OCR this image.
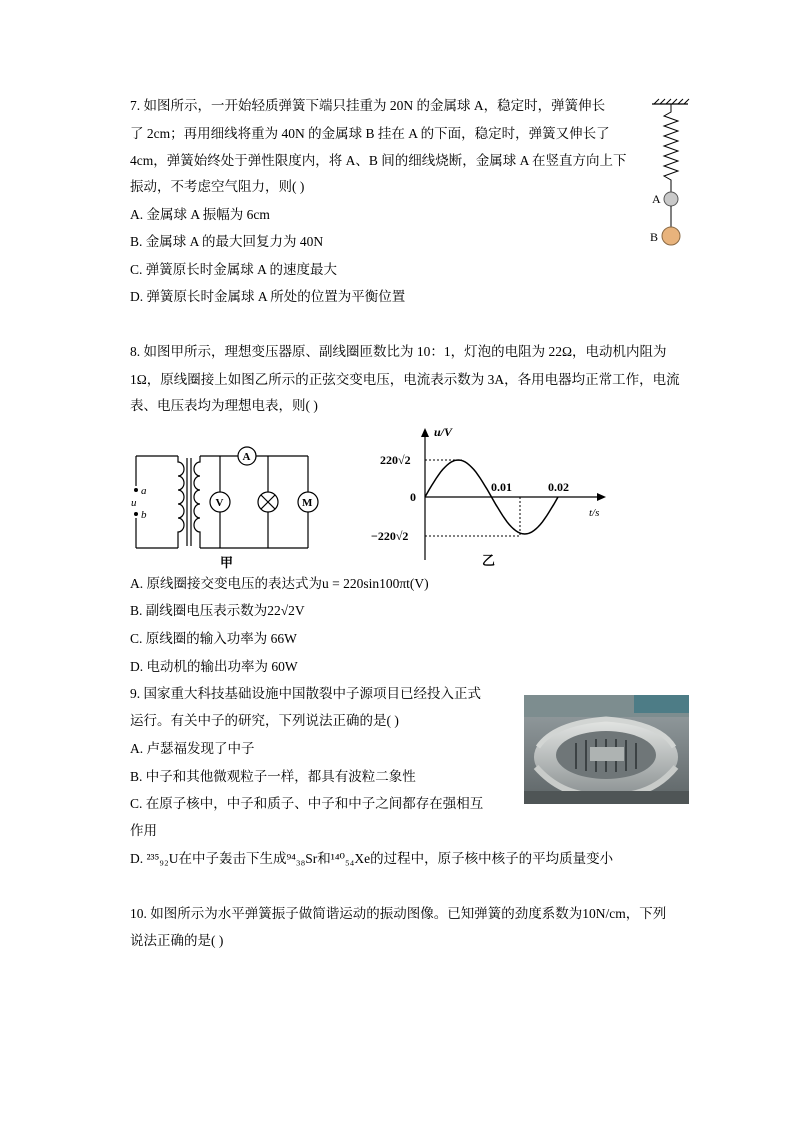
7. 如图所示，一开始轻质弹簧下端只挂重为 20N 的金属球 A，稳定时，弹簧伸长
了 2cm；再用细线将重为 40N 的金属球 B 挂在 A 的下面，稳定时，弹簧又伸长了
4cm，弹簧始终处于弹性限度内，将 A、B 间的细线烧断，金属球 A 在竖直方向上下
振动，不考虑空气阻力，则( )
A. 金属球 A 振幅为 6cm
B. 金属球 A 的最大回复力为 40N
C. 弹簧原长时金属球 A 的速度最大
D. 弹簧原长时金属球 A 所处的位置为平衡位置
A
B
8. 如图甲所示，理想变压器原、副线圈匝数比为 10：1，灯泡的电阻为 22Ω，电动机内阻为
1Ω，原线圈接上如图乙所示的正弦交变电压，电流表示数为 3A，各用电器均正常工作，电流
表、电压表均为理想电表，则( )
a
u
b
A
V	M
甲
u/V
t/s
220√2
−220√2
0
0.01	0.02
乙
A. 原线圈接交变电压的表达式为u = 220sin100πt(V)
B. 副线圈电压表示数为22√2V
C. 原线圈的输入功率为 66W
D. 电动机的输出功率为 60W
9. 国家重大科技基础设施中国散裂中子源项目已经投入正式
运行。有关中子的研究，下列说法正确的是( )
A. 卢瑟福发现了中子
B. 中子和其他微观粒子一样，都具有波粒二象性
C. 在原子核中，中子和质子、中子和中子之间都存在强相互
作用
D. ²³⁵₉₂U在中子轰击下生成⁹⁴₃₈Sr和¹⁴⁰₅₄Xe的过程中，原子核中核子的平均质量变小
10. 如图所示为水平弹簧振子做简谐运动的振动图像。已知弹簧的劲度系数为10N/cm，下列
说法正确的是( )
